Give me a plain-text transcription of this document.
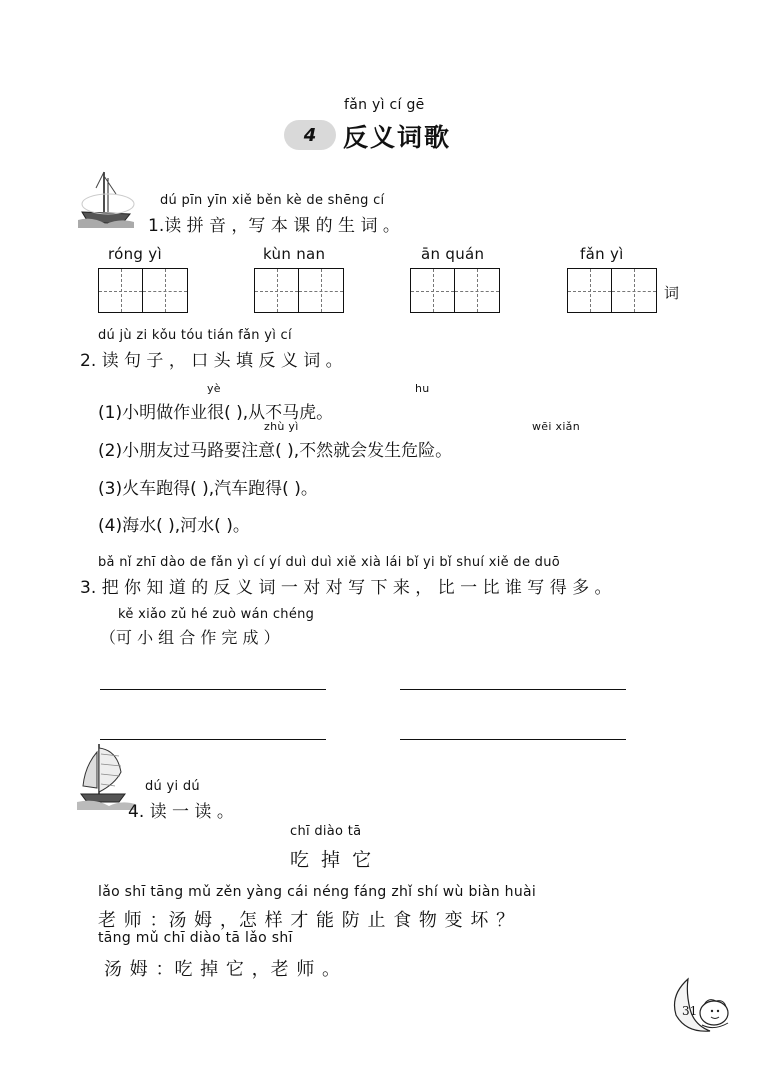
fǎn yì cí gē
4 反义词歌
dú pīn yīn xiě běn kè de shēng cí
1.读 拼 音 ，写 本 课 的 生 词 。
róng yì	kùn nan	ān quán	fǎn yì
词
dú jù zi kǒu tóu tián fǎn yì cí
2. 读 句 子 ， 口 头 填 反 义 词 。
yè	hu
(1)小明做作业很( ),从不马虎。
zhù yì	wēi xiǎn
(2)小朋友过马路要注意( ),不然就会发生危险。
(3)火车跑得( ),汽车跑得( )。
(4)海水( ),河水( )。
bǎ nǐ zhī dào de fǎn yì cí yí duì duì xiě xià lái bǐ yi bǐ shuí xiě de duō
3. 把 你 知 道 的 反 义 词 一 对 对 写 下 来 ， 比 一 比 谁 写 得 多 。
kě xiǎo zǔ hé zuò wán chéng
（可 小 组 合 作 完 成 ）
dú yi dú
4. 读 一 读 。
chī diào tā
吃 掉 它
lǎo shī tāng mǔ zěn yàng cái néng fáng zhǐ shí wù biàn huài
老 师 ：汤 姆 ，怎 样 才 能 防 止 食 物 变 坏 ？
tāng mǔ chī diào tā lǎo shī
汤 姆 ：吃 掉 它 ，老 师 。
31
